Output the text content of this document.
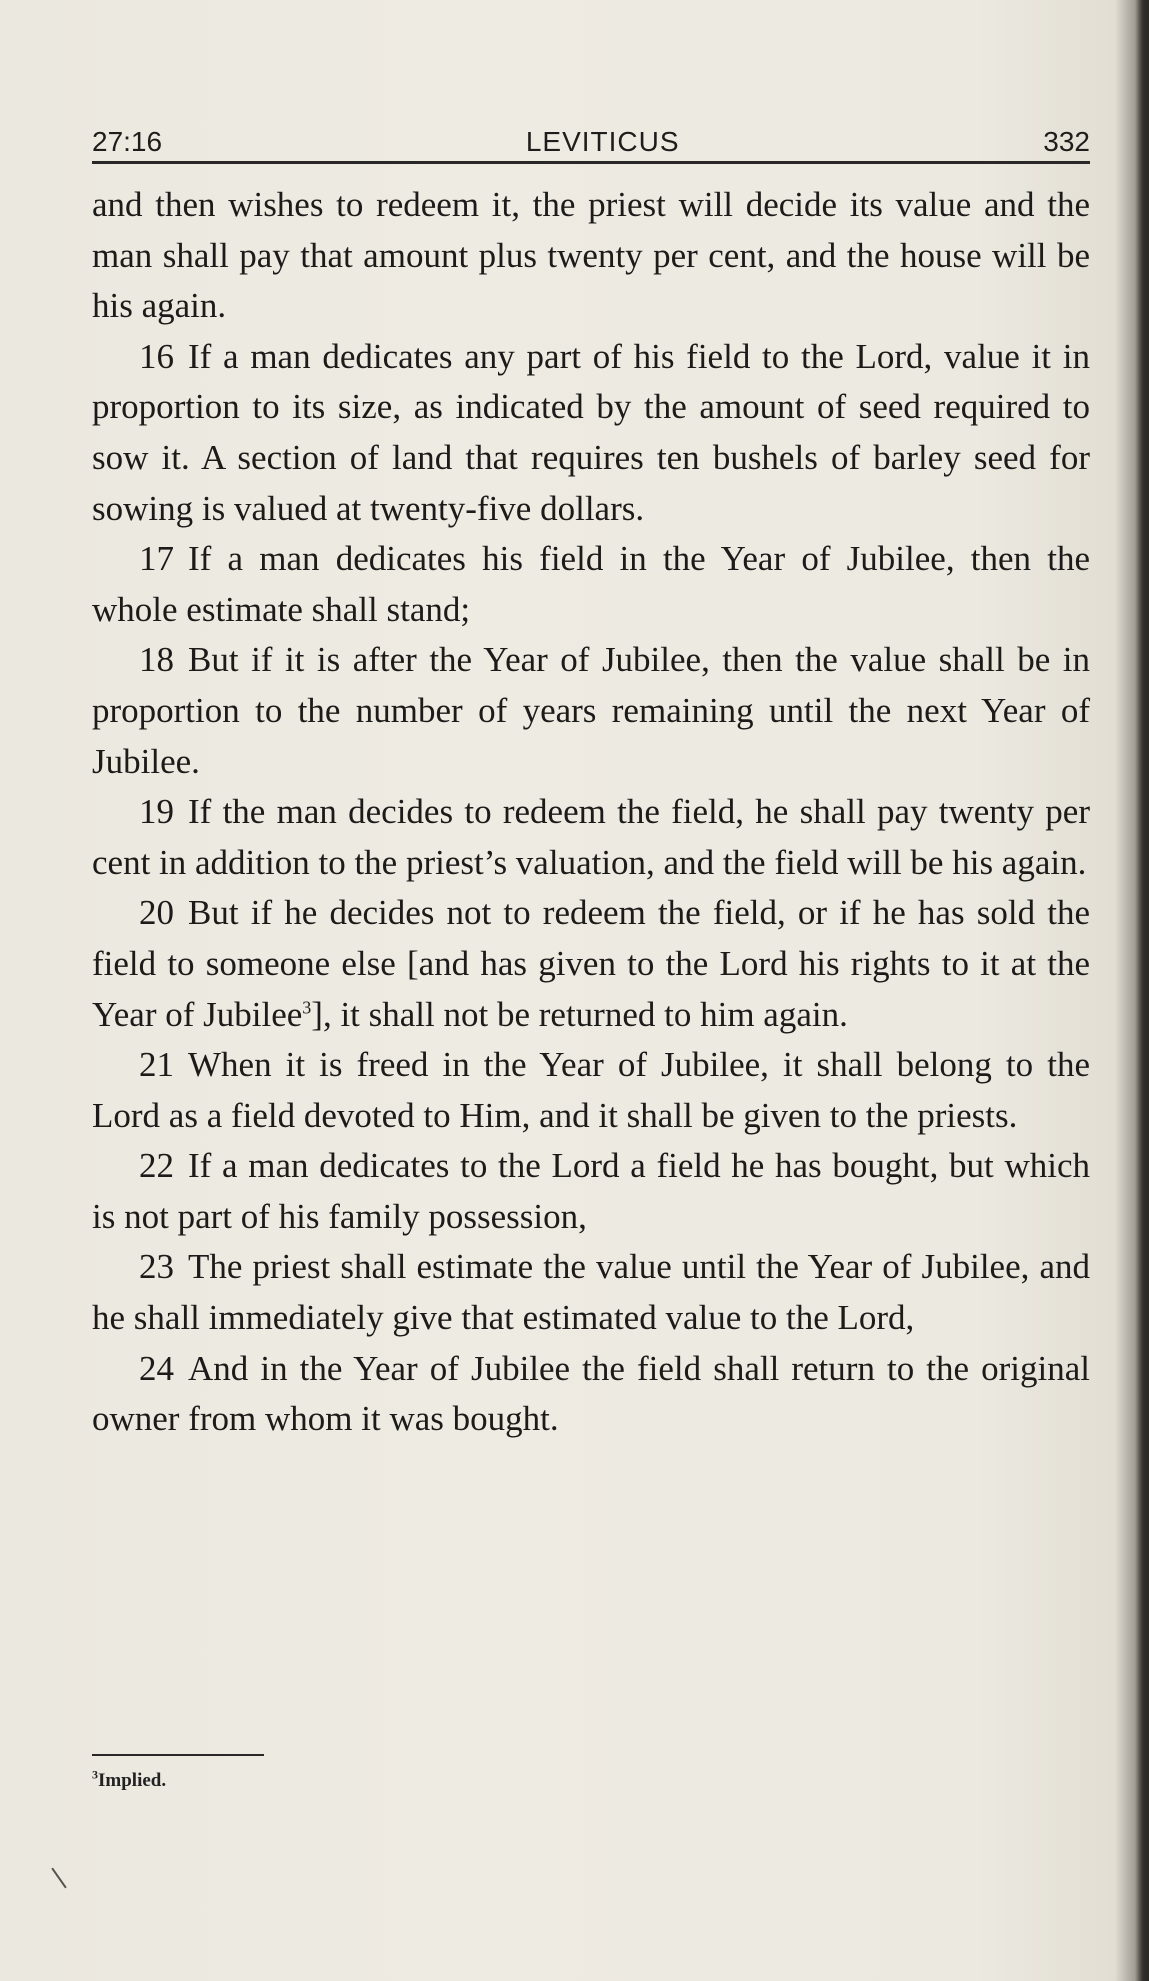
27:16	LEVITICUS	332

and then wishes to redeem it, the priest will decide its value and the man shall pay that amount plus twenty per cent, and the house will be his again.

16 If a man dedicates any part of his field to the Lord, value it in proportion to its size, as indicated by the amount of seed required to sow it. A section of land that requires ten bushels of barley seed for sowing is valued at twenty-five dollars.

17 If a man dedicates his field in the Year of Jubilee, then the whole estimate shall stand;

18 But if it is after the Year of Jubilee, then the value shall be in proportion to the number of years remaining until the next Year of Jubilee.

19 If the man decides to redeem the field, he shall pay twenty per cent in addition to the priest’s valuation, and the field will be his again.

20 But if he decides not to redeem the field, or if he has sold the field to someone else [and has given to the Lord his rights to it at the Year of Jubilee$^3$], it shall not be returned to him again.

21 When it is freed in the Year of Jubilee, it shall belong to the Lord as a field devoted to Him, and it shall be given to the priests.

22 If a man dedicates to the Lord a field he has bought, but which is not part of his family possession,

23 The priest shall estimate the value until the Year of Jubilee, and he shall immediately give that estimated value to the Lord,

24 And in the Year of Jubilee the field shall return to the original owner from whom it was bought.

$^3$Implied.
